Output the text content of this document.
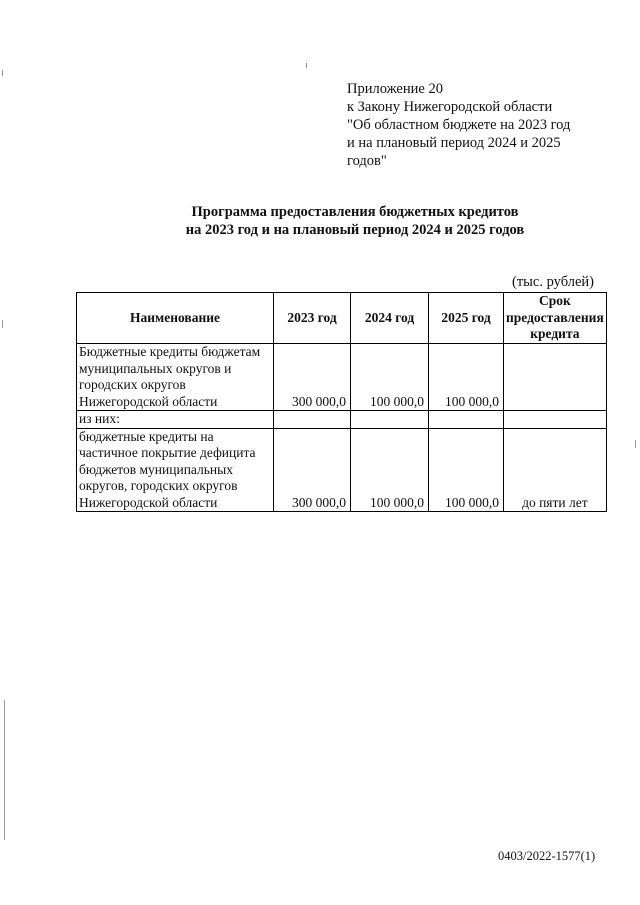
Приложение 20
к Закону Нижегородской области
"Об областном бюджете на 2023 год
и на плановый период 2024 и 2025
годов"
Программа предоставления бюджетных кредитов
на 2023 год и на плановый период 2024 и 2025 годов
(тыс. рублей)
Наименование	2023 год	2024 год	2025 год	Срок предоставления кредита
Бюджетные кредиты бюджетам муниципальных округов и городских округов Нижегородской области	300 000,0	100 000,0	100 000,0	
из них:				
бюджетные кредиты на частичное покрытие дефицита бюджетов муниципальных округов, городских округов Нижегородской области	300 000,0	100 000,0	100 000,0	до пяти лет
0403/2022-1577(1)
